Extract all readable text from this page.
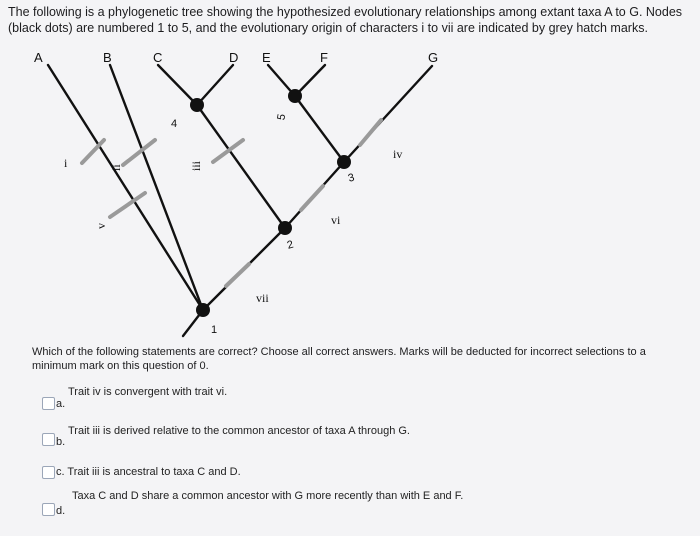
The following is a phylogenetic tree showing the hypothesized evolutionary relationships among extant taxa A to G. Nodes (black dots) are numbered 1 to 5, and the evolutionary origin of characters i to vii are indicated by grey hatch marks.
A	B	C	D E	F	G
1
2
3
4
5
i	ii	iii
iv
vi
vii
v
Which of the following statements are correct? Choose all correct answers. Marks will be deducted for incorrect selections to a minimum mark on this question of 0.
a.
Trait iv is convergent with trait vi.
b.
Trait iii is derived relative to the common ancestor of taxa A through G.
c. Trait iii is ancestral to taxa C and D.
d.
Taxa C and D share a common ancestor with G more recently than with E and F.
